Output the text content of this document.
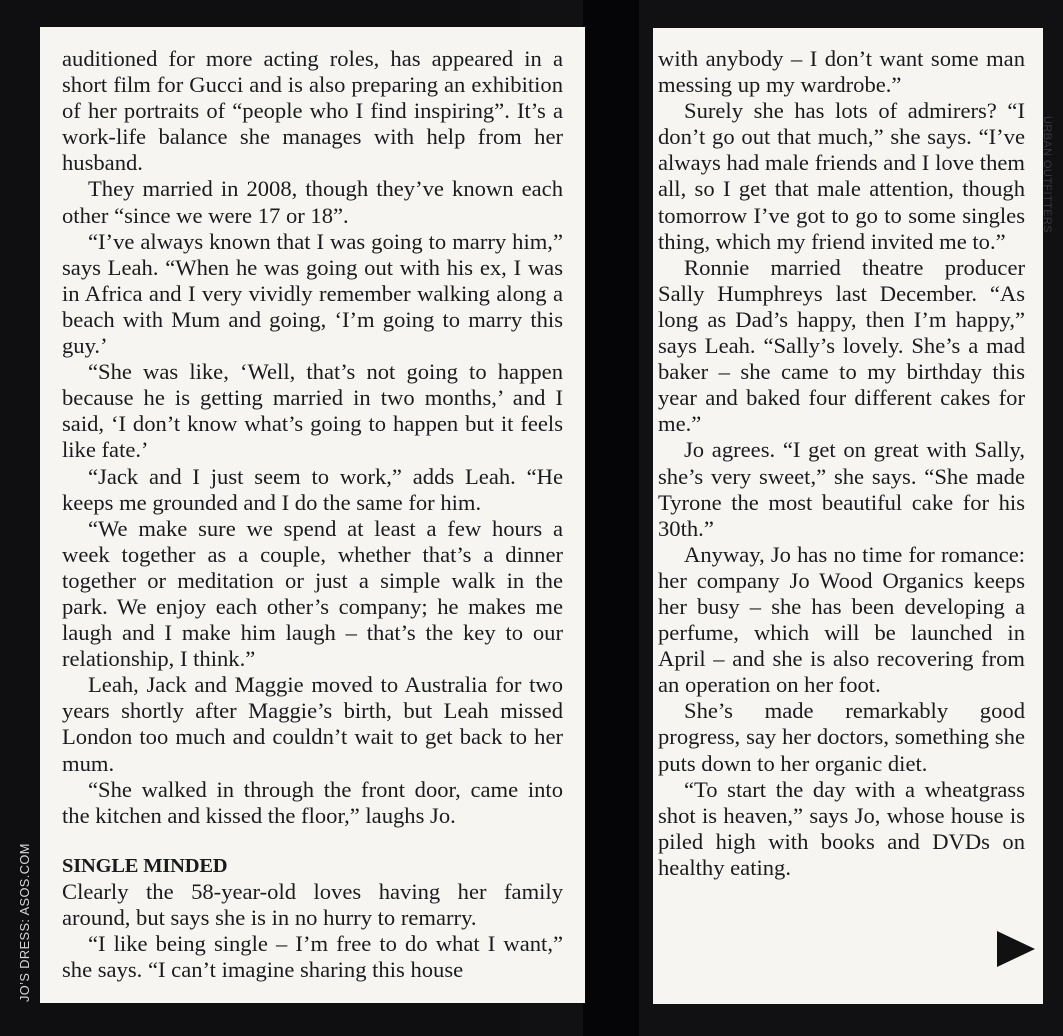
auditioned for more acting roles, has appeared in a short film for Gucci and is also preparing an exhibition of her portraits of “people who I find inspiring”. It’s a work-life balance she manages with help from her husband.

They married in 2008, though they’ve known each other “since we were 17 or 18”.

“I’ve always known that I was going to marry him,” says Leah. “When he was going out with his ex, I was in Africa and I very vividly remember walking along a beach with Mum and going, ‘I’m going to marry this guy.’

“She was like, ‘Well, that’s not going to happen because he is getting married in two months,’ and I said, ‘I don’t know what’s going to happen but it feels like fate.’

“Jack and I just seem to work,” adds Leah. “He keeps me grounded and I do the same for him.

“We make sure we spend at least a few hours a week together as a couple, whether that’s a dinner together or meditation or just a simple walk in the park. We enjoy each other’s company; he makes me laugh and I make him laugh – that’s the key to our relationship, I think.”

Leah, Jack and Maggie moved to Australia for two years shortly after Maggie’s birth, but Leah missed London too much and couldn’t wait to get back to her mum.

“She walked in through the front door, came into the kitchen and kissed the floor,” laughs Jo.

SINGLE MINDED

Clearly the 58-year-old loves having her family around, but says she is in no hurry to remarry.

“I like being single – I’m free to do what I want,” she says. “I can’t imagine sharing this house

with anybody – I don’t want some man messing up my wardrobe.”

Surely she has lots of admirers? “I don’t go out that much,” she says. “I’ve always had male friends and I love them all, so I get that male attention, though tomorrow I’ve got to go to some singles thing, which my friend invited me to.”

Ronnie married theatre producer Sally Humphreys last December. “As long as Dad’s happy, then I’m happy,” says Leah. “Sally’s lovely. She’s a mad baker – she came to my birthday this year and baked four different cakes for me.”

Jo agrees. “I get on great with Sally, she’s very sweet,” she says. “She made Tyrone the most beautiful cake for his 30th.”

Anyway, Jo has no time for romance: her company Jo Wood Organics keeps her busy – she has been developing a perfume, which will be launched in April – and she is also recovering from an operation on her foot.

She’s made remarkably good progress, say her doctors, something she puts down to her organic diet.

“To start the day with a wheatgrass shot is heaven,” says Jo, whose house is piled high with books and DVDs on healthy eating.

JO’S DRESS: ASOS.COM
URBAN OUTFITTERS
